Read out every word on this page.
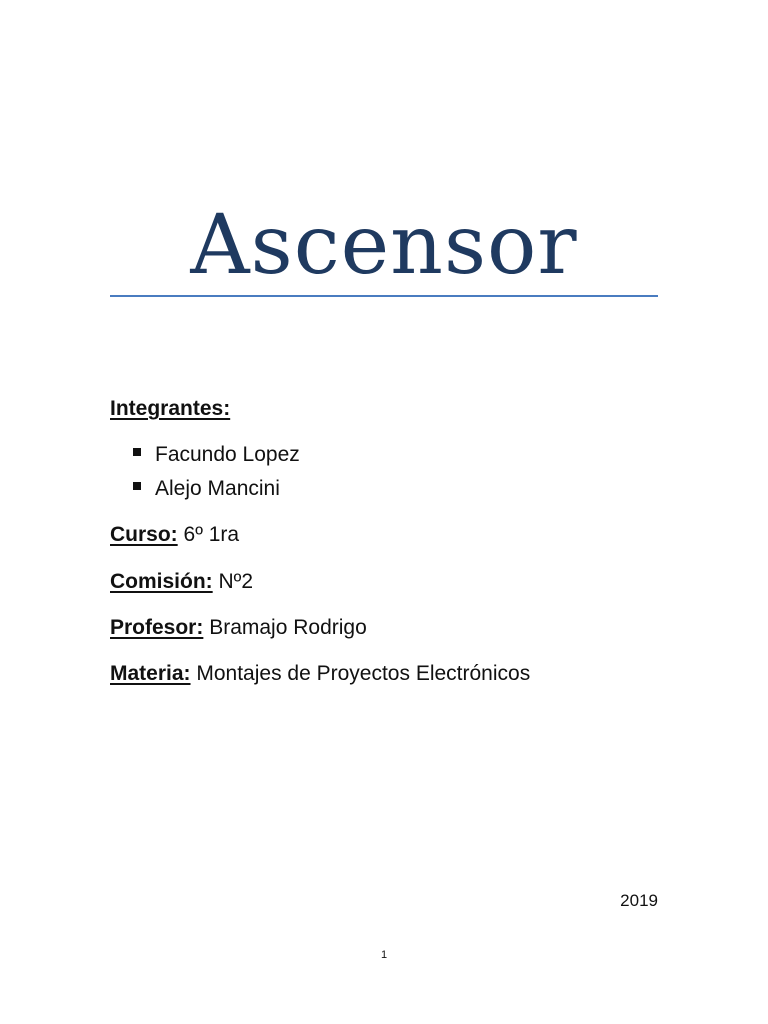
Ascensor
Integrantes:
Facundo Lopez
Alejo Mancini
Curso: 6º 1ra
Comisión: Nº2
Profesor: Bramajo Rodrigo
Materia: Montajes de Proyectos Electrónicos
2019
1
